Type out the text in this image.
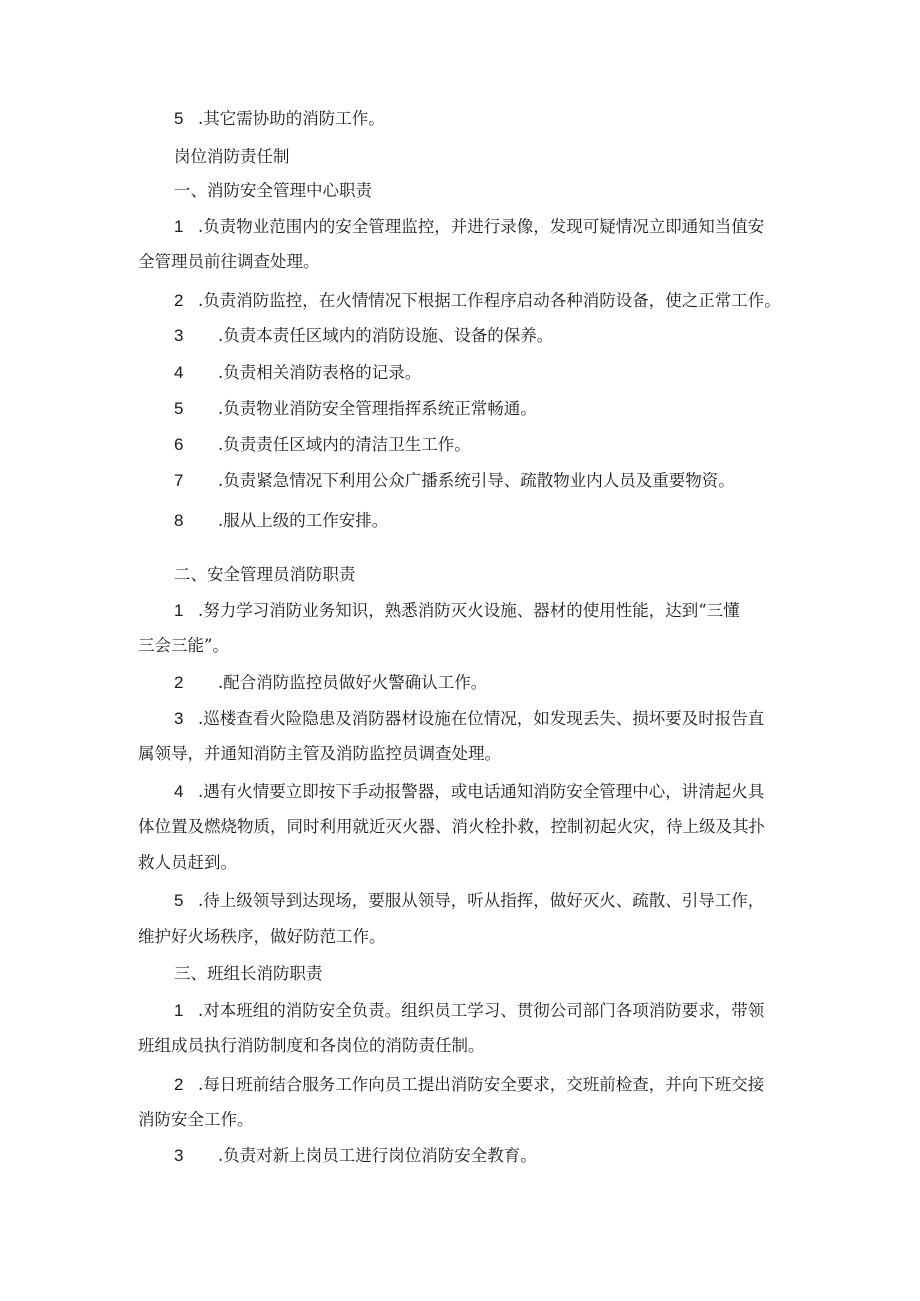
5 .其它需协助的消防工作。
岗位消防责任制
一、消防安全管理中心职责
1 .负责物业范围内的安全管理监控，并进行录像，发现可疑情况立即通知当值安
全管理员前往调查处理。
2 .负责消防监控，在火情情况下根据工作程序启动各种消防设备，使之正常工作。
3 .负责本责任区域内的消防设施、设备的保养。
4 .负责相关消防表格的记录。
5 .负责物业消防安全管理指挥系统正常畅通。
6 .负责责任区域内的清洁卫生工作。
7 .负责紧急情况下利用公众广播系统引导、疏散物业内人员及重要物资。
8 .服从上级的工作安排。
二、安全管理员消防职责
1 .努力学习消防业务知识，熟悉消防灭火设施、器材的使用性能，达到“三懂
三会三能”。
2 .配合消防监控员做好火警确认工作。
3 .巡楼查看火险隐患及消防器材设施在位情况，如发现丢失、损坏要及时报告直
属领导，并通知消防主管及消防监控员调查处理。
4 .遇有火情要立即按下手动报警器，或电话通知消防安全管理中心，讲清起火具
体位置及燃烧物质，同时利用就近灭火器、消火栓扑救，控制初起火灾，待上级及其扑
救人员赶到。
5 .待上级领导到达现场，要服从领导，听从指挥，做好灭火、疏散、引导工作，
维护好火场秩序，做好防范工作。
三、班组长消防职责
1 .对本班组的消防安全负责。组织员工学习、贯彻公司部门各项消防要求，带领
班组成员执行消防制度和各岗位的消防责任制。
2 .每日班前结合服务工作向员工提出消防安全要求，交班前检查，并向下班交接
消防安全工作。
3 .负责对新上岗员工进行岗位消防安全教育。
